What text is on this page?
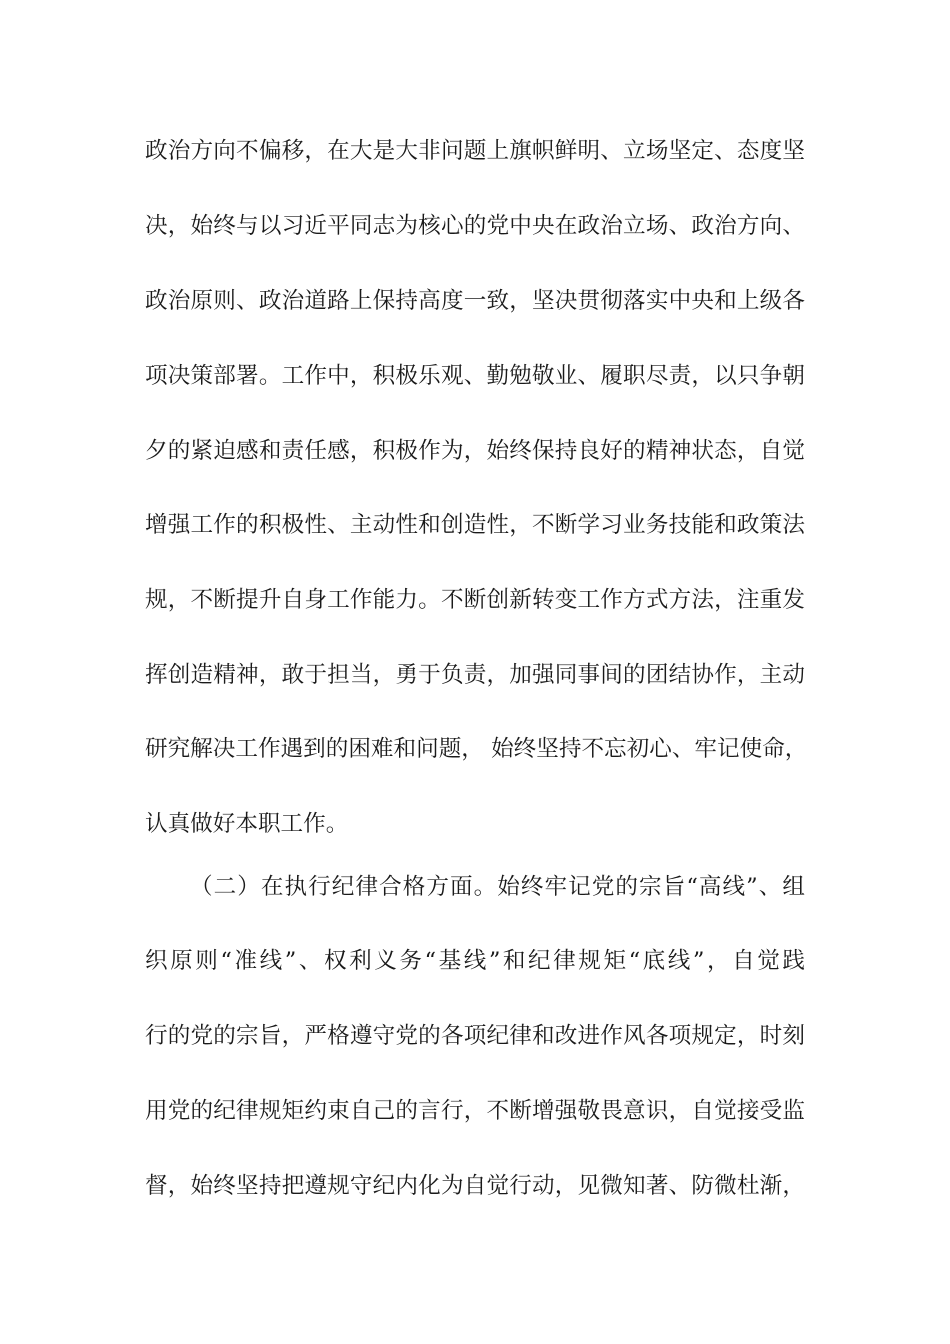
政治方向不偏移，在大是大非问题上旗帜鲜明、立场坚定、态度坚
决，始终与以习近平同志为核心的党中央在政治立场、政治方向、
政治原则、政治道路上保持高度一致，坚决贯彻落实中央和上级各
项决策部署。工作中，积极乐观、勤勉敬业、履职尽责，以只争朝
夕的紧迫感和责任感，积极作为，始终保持良好的精神状态，自觉
增强工作的积极性、主动性和创造性，不断学习业务技能和政策法
规，不断提升自身工作能力。不断创新转变工作方式方法，注重发
挥创造精神，敢于担当，勇于负责，加强同事间的团结协作，主动
研究解决工作遇到的困难和问题， 始终坚持不忘初心、牢记使命，
认真做好本职工作。
（二）在执行纪律合格方面。始终牢记党的宗旨“高线”、组
织原则“准线”、权利义务“基线”和纪律规矩“底线”，自觉践
行的党的宗旨，严格遵守党的各项纪律和改进作风各项规定，时刻
用党的纪律规矩约束自己的言行，不断增强敬畏意识，自觉接受监
督，始终坚持把遵规守纪内化为自觉行动，见微知著、防微杜渐，
